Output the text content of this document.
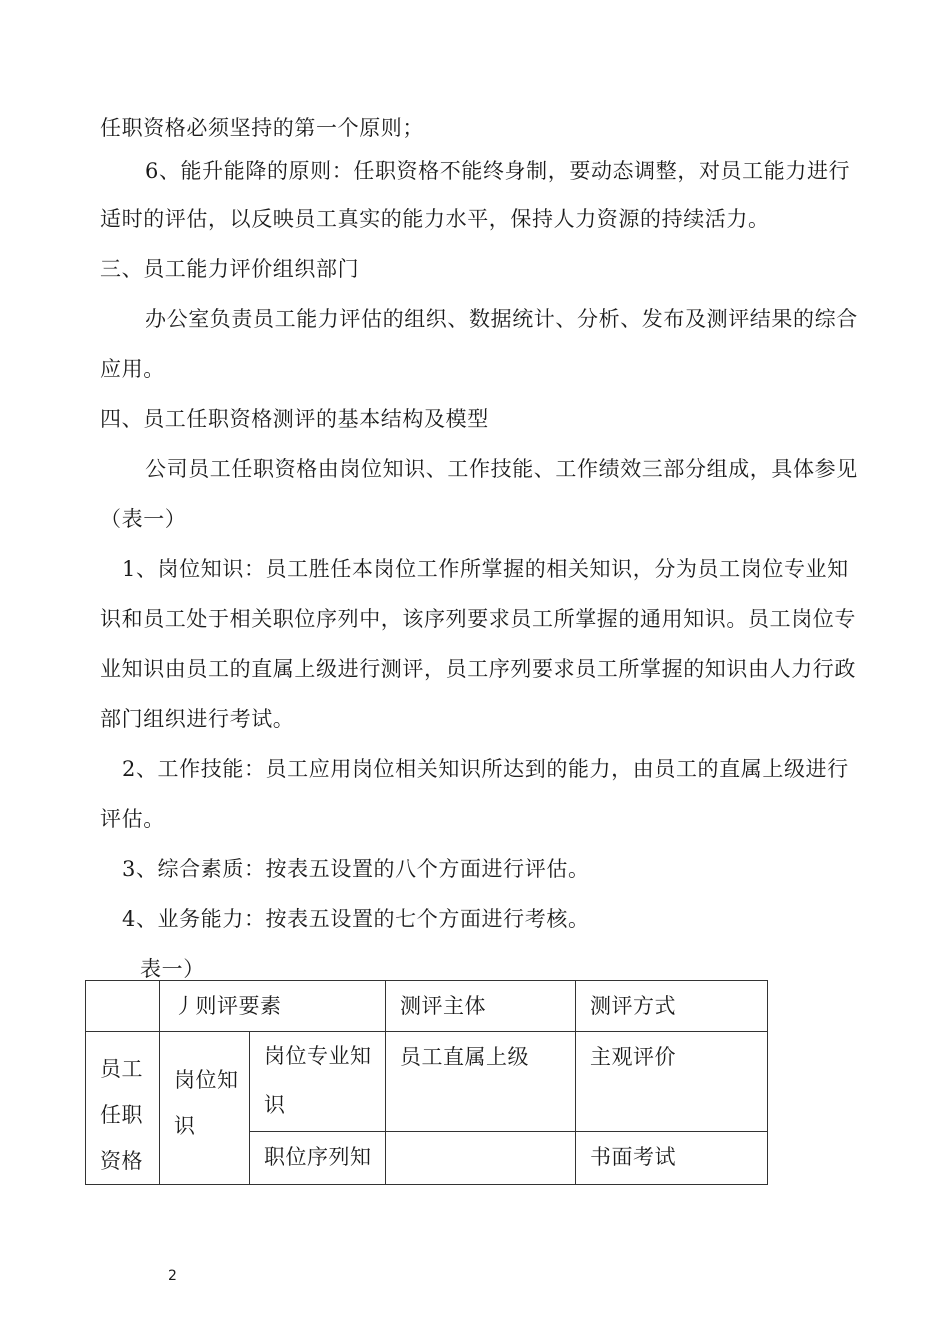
任职资格必须坚持的第一个原则；
6、能升能降的原则：任职资格不能终身制，要动态调整，对员工能力进行
适时的评估，以反映员工真实的能力水平，保持人力资源的持续活力。
三、员工能力评价组织部门
办公室负责员工能力评估的组织、数据统计、分析、发布及测评结果的综合
应用。
四、员工任职资格测评的基本结构及模型
公司员工任职资格由岗位知识、工作技能、工作绩效三部分组成，具体参见
（表一）
1、岗位知识：员工胜任本岗位工作所掌握的相关知识，分为员工岗位专业知
识和员工处于相关职位序列中，该序列要求员工所掌握的通用知识。员工岗位专
业知识由员工的直属上级进行测评，员工序列要求员工所掌握的知识由人力行政
部门组织进行考试。
2、工作技能：员工应用岗位相关知识所达到的能力，由员工的直属上级进行
评估。
3、综合素质：按表五设置的八个方面进行评估。
4、业务能力：按表五设置的七个方面进行考核。
表一）
	丿则评要素		测评主体	测评方式
员工任职资格	岗位知识	岗位专业知识	员工直属上级	主观评价
		职位序列知		书面考试
2
